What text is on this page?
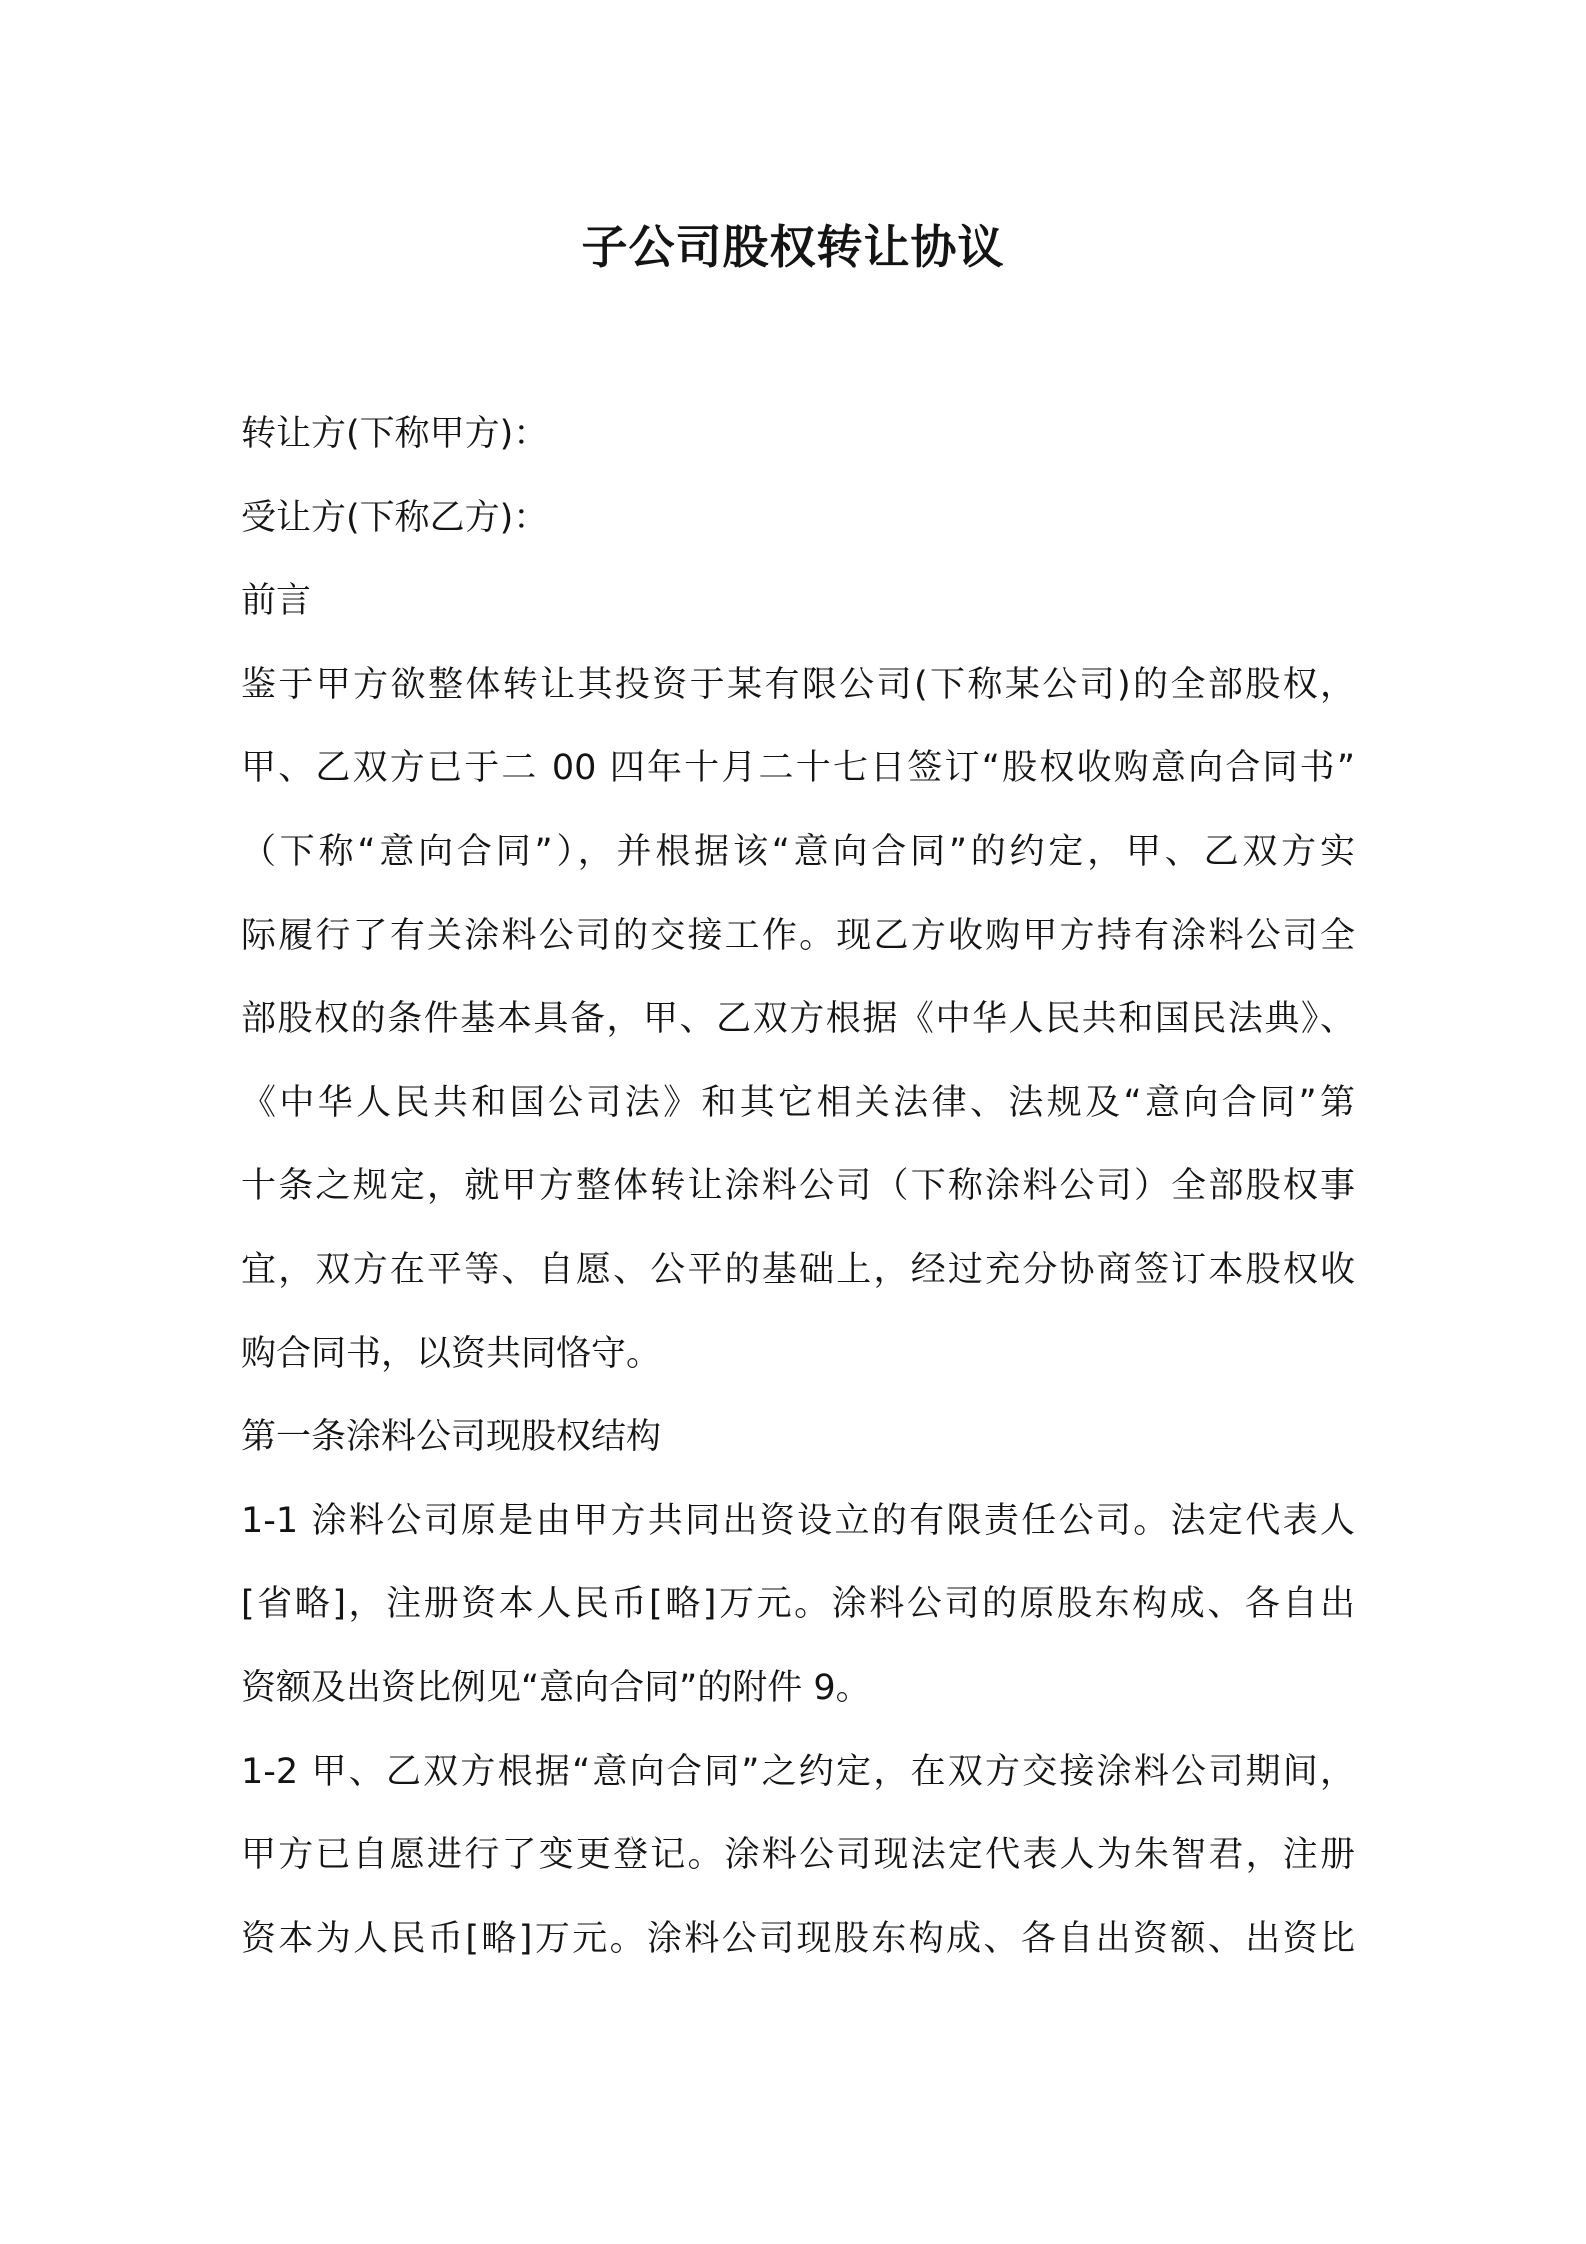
子公司股权转让协议
转让方(下称甲方)：
受让方(下称乙方)：
前言
鉴于甲方欲整体转让其投资于某有限公司(下称某公司)的全部股权，
甲、乙双方已于二 00 四年十月二十七日签订“股权收购意向合同书”
（下称“意向合同”），并根据该“意向合同”的约定，甲、乙双方实
际履行了有关涂料公司的交接工作。现乙方收购甲方持有涂料公司全
部股权的条件基本具备，甲、乙双方根据《中华人民共和国民法典》、
《中华人民共和国公司法》和其它相关法律、法规及“意向合同”第
十条之规定，就甲方整体转让涂料公司（下称涂料公司）全部股权事
宜，双方在平等、自愿、公平的基础上，经过充分协商签订本股权收
购合同书，以资共同恪守。
第一条涂料公司现股权结构
1-1 涂料公司原是由甲方共同出资设立的有限责任公司。法定代表人
[省略]，注册资本人民币[略]万元。涂料公司的原股东构成、各自出
资额及出资比例见“意向合同”的附件 9。
1-2 甲、乙双方根据“意向合同”之约定，在双方交接涂料公司期间，
甲方已自愿进行了变更登记。涂料公司现法定代表人为朱智君，注册
资本为人民币[略]万元。涂料公司现股东构成、各自出资额、出资比
